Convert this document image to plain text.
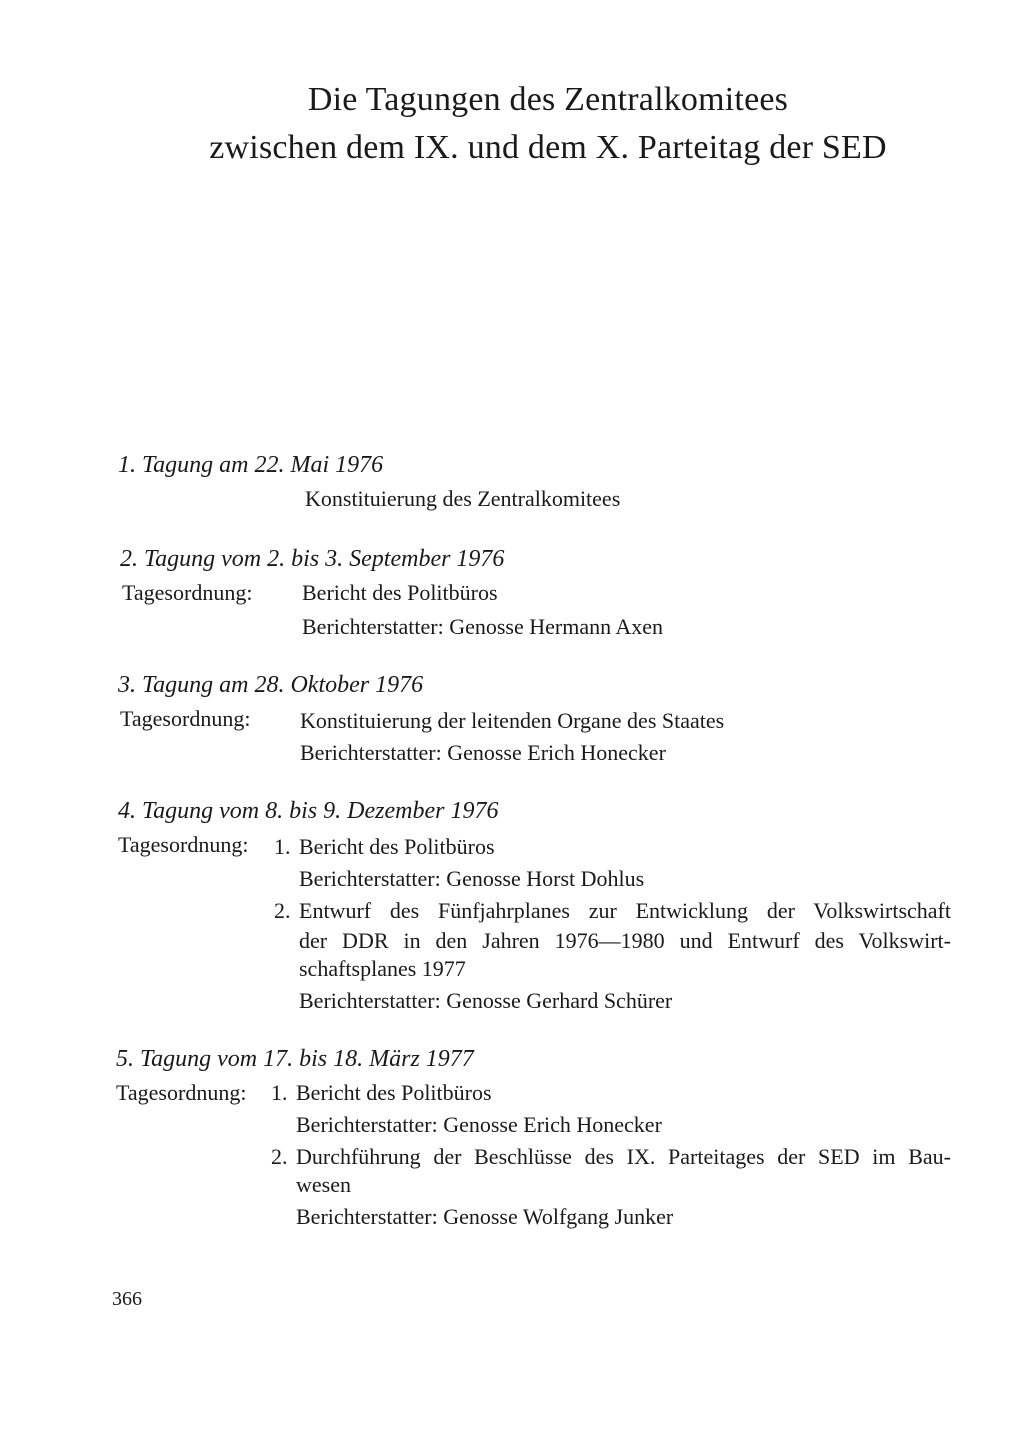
Die Tagungen des Zentralkomitees
zwischen dem IX. und dem X. Parteitag der SED
1. Tagung am 22. Mai 1976
Konstituierung des Zentralkomitees
2. Tagung vom 2. bis 3. September 1976
Tagesordnung: Bericht des Politbüros
Berichterstatter: Genosse Hermann Axen
3. Tagung am 28. Oktober 1976
Tagesordnung: Konstituierung der leitenden Organe des Staates
Berichterstatter: Genosse Erich Honecker
4. Tagung vom 8. bis 9. Dezember 1976
Tagesordnung: 1. Bericht des Politbüros
Berichterstatter: Genosse Horst Dohlus
2. Entwurf des Fünfjahrplanes zur Entwicklung der Volkswirtschaft
der DDR in den Jahren 1976—1980 und Entwurf des Volkswirt-
schaftsplanes 1977
Berichterstatter: Genosse Gerhard Schürer
5. Tagung vom 17. bis 18. März 1977
Tagesordnung: 1. Bericht des Politbüros
Berichterstatter: Genosse Erich Honecker
2. Durchführung der Beschlüsse des IX. Parteitages der SED im Bau-
wesen
Berichterstatter: Genosse Wolfgang Junker
366
